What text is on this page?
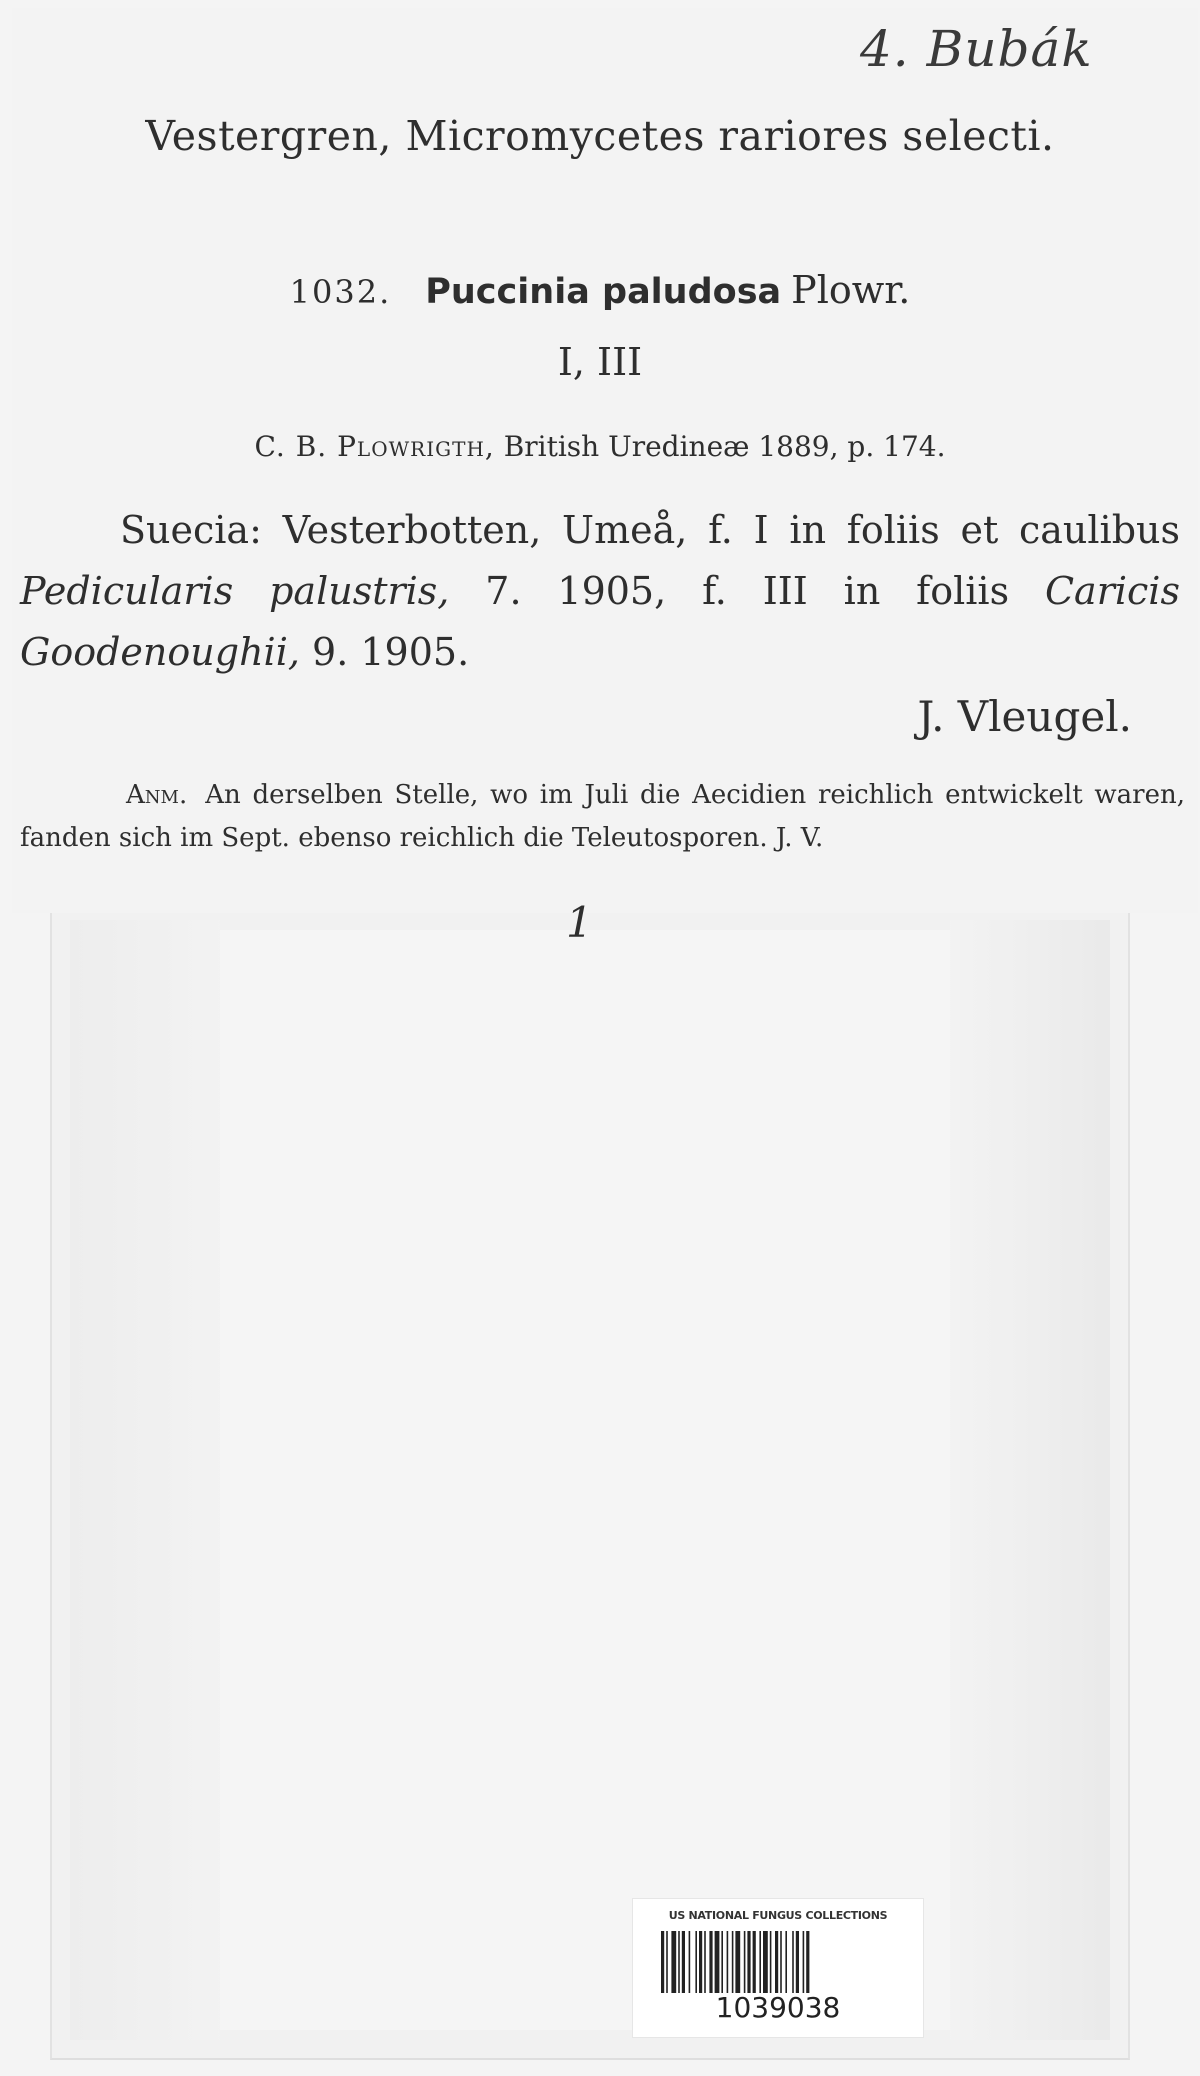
4. Bubák
Vestergren, Micromycetes rariores selecti.
1032. Puccinia paludosa Plowr.
I, III
C. B. Plowrigth, British Uredineæ 1889, p. 174.
Suecia: Vesterbotten, Umeå, f. I in foliis et caulibus Pedicularis palustris, 7. 1905, f. III in foliis Caricis Goodenoughii, 9. 1905.
J. Vleugel.
Anm. An derselben Stelle, wo im Juli die Aecidien reichlich entwickelt waren, fanden sich im Sept. ebenso reichlich die Teleutosporen. J. V.
1
US NATIONAL FUNGUS COLLECTIONS
1039038
